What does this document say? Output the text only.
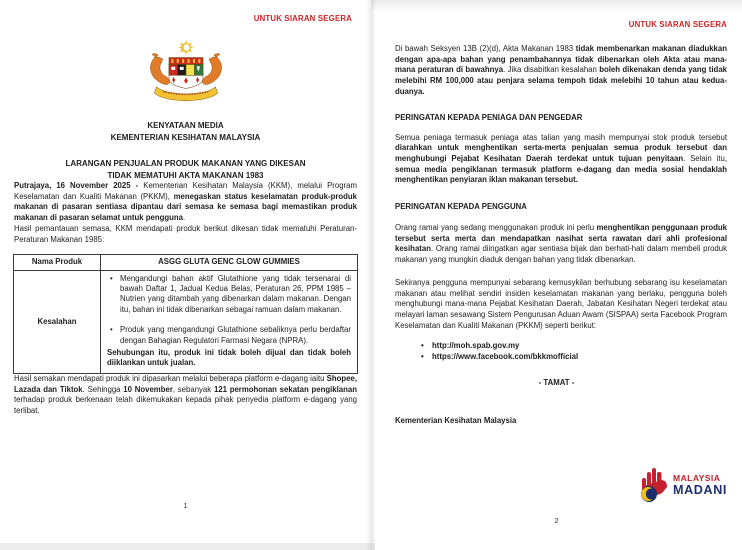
UNTUK SIARAN SEGERA
KENYATAAN MEDIA
KEMENTERIAN KESIHATAN MALAYSIA
LARANGAN PENJUALAN PRODUK MAKANAN YANG DIKESAN
TIDAK MEMATUHI AKTA MAKANAN 1983

Putrajaya, 16 November 2025 - Kementerian Kesihatan Malaysia (KKM), melalui Program Keselamatan dan Kualiti Makanan (PKKM), menegaskan status keselamatan produk-produk makanan di pasaran sentiasa dipantau dari semasa ke semasa bagi memastikan produk makanan di pasaran selamat untuk pengguna.

Hasil pemantauan semasa, KKM mendapati produk berikut dikesan tidak mematuhi Peraturan-Peraturan Makanan 1985:

Nama Produk	ASGG GLUTA GENC GLOW GUMMIES
Kesalahan	
• Mengandungi bahan aktif Glutathione yang tidak tersenarai di bawah Daftar 1, Jadual Kedua Belas, Peraturan 26, PPM 1985 – Nutrien yang ditambah yang dibenarkan dalam makanan. Dengan itu, bahan ini tidak dibenarkan sebagai ramuan dalam makanan.
• Produk yang mengandungi Glutathione sebaliknya perlu berdaftar dengan Bahagian Regulatori Farmasi Negara (NPRA).
Sehubungan itu, produk ini tidak boleh dijual dan tidak boleh diiklankan untuk jualan.

Hasil semakan mendapati produk ini dipasarkan melalui beberapa platform e-dagang iaitu Shopee, Lazada dan Tiktok. Sehingga 10 November, sebanyak 121 permohonan sekatan pengiklanan terhadap produk berkenaan telah dikemukakan kepada pihak penyedia platform e-dagang yang terlibat.

1
UNTUK SIARAN SEGERA

Di bawah Seksyen 13B (2)(d), Akta Makanan 1983 tidak membenarkan makanan diadukkan dengan apa-apa bahan yang penambahannya tidak dibenarkan oleh Akta atau mana-mana peraturan di bawahnya. Jika disabitkan kesalahan boleh dikenakan denda yang tidak melebihi RM 100,000 atau penjara selama tempoh tidak melebihi 10 tahun atau kedua-duanya.

PERINGATAN KEPADA PENIAGA DAN PENGEDAR

Semua peniaga termasuk peniaga atas talian yang masih mempunyai stok produk tersebut diarahkan untuk menghentikan serta-merta penjualan semua produk tersebut dan menghubungi Pejabat Kesihatan Daerah terdekat untuk tujuan penyitaan. Selain itu, semua media pengiklanan termasuk platform e-dagang dan media sosial hendaklah menghentikan penyiaran iklan makanan tersebut.

PERINGATAN KEPADA PENGGUNA

Orang ramai yang sedang menggunakan produk ini perlu menghentikan penggunaan produk tersebut serta merta dan mendapatkan nasihat serta rawatan dari ahli profesional kesihatan. Orang ramai diingatkan agar sentiasa bijak dan berhati-hati dalam membeli produk makanan yang mungkin diaduk dengan bahan yang tidak dibenarkan.

Sekiranya pengguna mempunyai sebarang kemusykilan berhubung sebarang isu keselamatan makanan atau melihat sendiri insiden keselamatan makanan yang berlaku, pengguna boleh menghubungi mana-mana Pejabat Kesihatan Daerah, Jabatan Kesihatan Negeri terdekat atau melayari laman sesawang Sistem Pengurusan Aduan Awam (SISPAA) serta Facebook Program Keselamatan dan Kualiti Makanan (PKKM) seperti berikut:

• http://moh.spab.gov.my
• https://www.facebook.com/bkkmofficial
- TAMAT -
Kementerian Kesihatan Malaysia
MALAYSIA
MADANI
2
